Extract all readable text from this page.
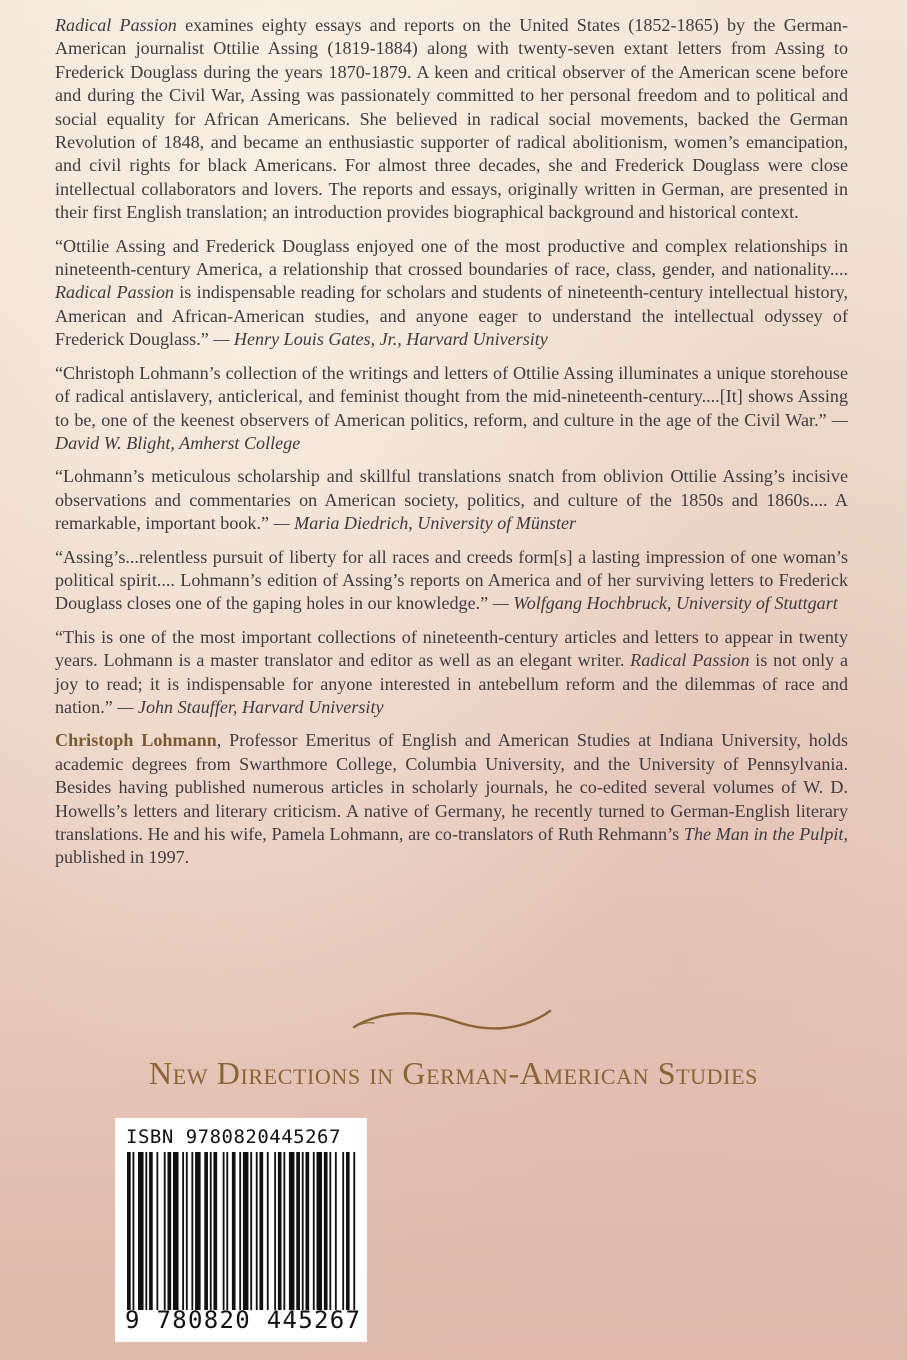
Radical Passion examines eighty essays and reports on the United States (1852-1865) by the German-American journalist Ottilie Assing (1819-1884) along with twenty-seven extant letters from Assing to Frederick Douglass during the years 1870-1879. A keen and critical observer of the American scene before and during the Civil War, Assing was passionately committed to her personal freedom and to political and social equality for African Americans. She believed in radical social movements, backed the German Revolution of 1848, and became an enthusiastic supporter of radical abolitionism, women’s emancipation, and civil rights for black Americans. For almost three decades, she and Frederick Douglass were close intellectual collaborators and lovers. The reports and essays, originally written in German, are presented in their first English translation; an introduction provides biographical background and historical context.

“Ottilie Assing and Frederick Douglass enjoyed one of the most productive and complex relationships in nineteenth-century America, a relationship that crossed boundaries of race, class, gender, and nationality.... Radical Passion is indispensable reading for scholars and students of nineteenth-century intellectual history, American and African-American studies, and anyone eager to understand the intellectual odyssey of Frederick Douglass.” — Henry Louis Gates, Jr., Harvard University

“Christoph Lohmann’s collection of the writings and letters of Ottilie Assing illuminates a unique storehouse of radical antislavery, anticlerical, and feminist thought from the mid-nineteenth-century....[It] shows Assing to be, one of the keenest observers of American politics, reform, and culture in the age of the Civil War.” — David W. Blight, Amherst College

“Lohmann’s meticulous scholarship and skillful translations snatch from oblivion Ottilie Assing’s incisive observations and commentaries on American society, politics, and culture of the 1850s and 1860s.... A remarkable, important book.” — Maria Diedrich, University of Münster

“Assing’s...relentless pursuit of liberty for all races and creeds form[s] a lasting impression of one woman’s political spirit.... Lohmann’s edition of Assing’s reports on America and of her surviving letters to Frederick Douglass closes one of the gaping holes in our knowledge.” — Wolfgang Hochbruck, University of Stuttgart

“This is one of the most important collections of nineteenth-century articles and letters to appear in twenty years. Lohmann is a master translator and editor as well as an elegant writer. Radical Passion is not only a joy to read; it is indispensable for anyone interested in antebellum reform and the dilemmas of race and nation.” — John Stauffer, Harvard University

Christoph Lohmann, Professor Emeritus of English and American Studies at Indiana University, holds academic degrees from Swarthmore College, Columbia University, and the University of Pennsylvania. Besides having published numerous articles in scholarly journals, he co-edited several volumes of W. D. Howells’s letters and literary criticism. A native of Germany, he recently turned to German-English literary translations. He and his wife, Pamela Lohmann, are co-translators of Ruth Rehmann’s The Man in the Pulpit, published in 1997.

New Directions in German-American Studies
ISBN 9780820445267
9 780820 445267
